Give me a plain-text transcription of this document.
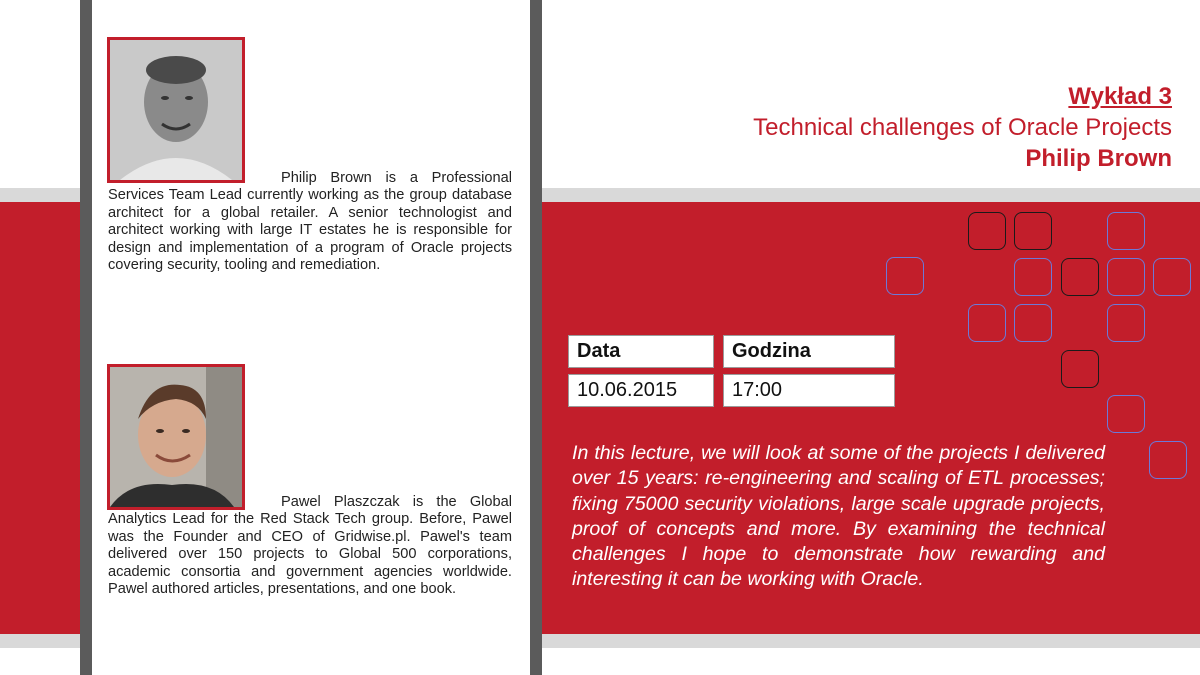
Philip Brown is a Professional Services Team Lead currently working as the group database architect for a global retailer. A senior technologist and architect working with large IT estates he is responsible for design and implementation of a program of Oracle projects covering security, tooling and remediation.

Pawel Plaszczak is the Global Analytics Lead for the Red Stack Tech group. Before, Pawel was the Founder and CEO of Gridwise.pl. Pawel's team delivered over 150 projects to Global 500 corporations, academic consortia and government agencies worldwide. Pawel authored articles, presentations, and one book.

Wykład 3
Technical challenges of Oracle Projects
Philip Brown
Data	Godzina
10.06.2015	17:00

In this lecture, we will look at some of the projects I delivered over 15 years: re-engineering and scaling of ETL processes; fixing 75000 security violations, large scale upgrade projects, proof of concepts and more. By examining the technical challenges I hope to demonstrate how rewarding and interesting it can be working with Oracle.
